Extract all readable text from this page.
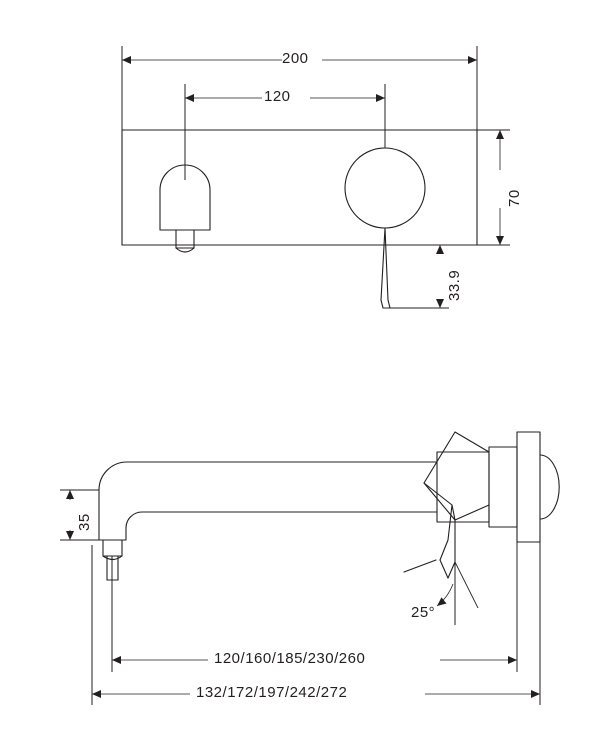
200
120
70
33.9
35
25°
120/160/185/230/260
132/172/197/242/272
